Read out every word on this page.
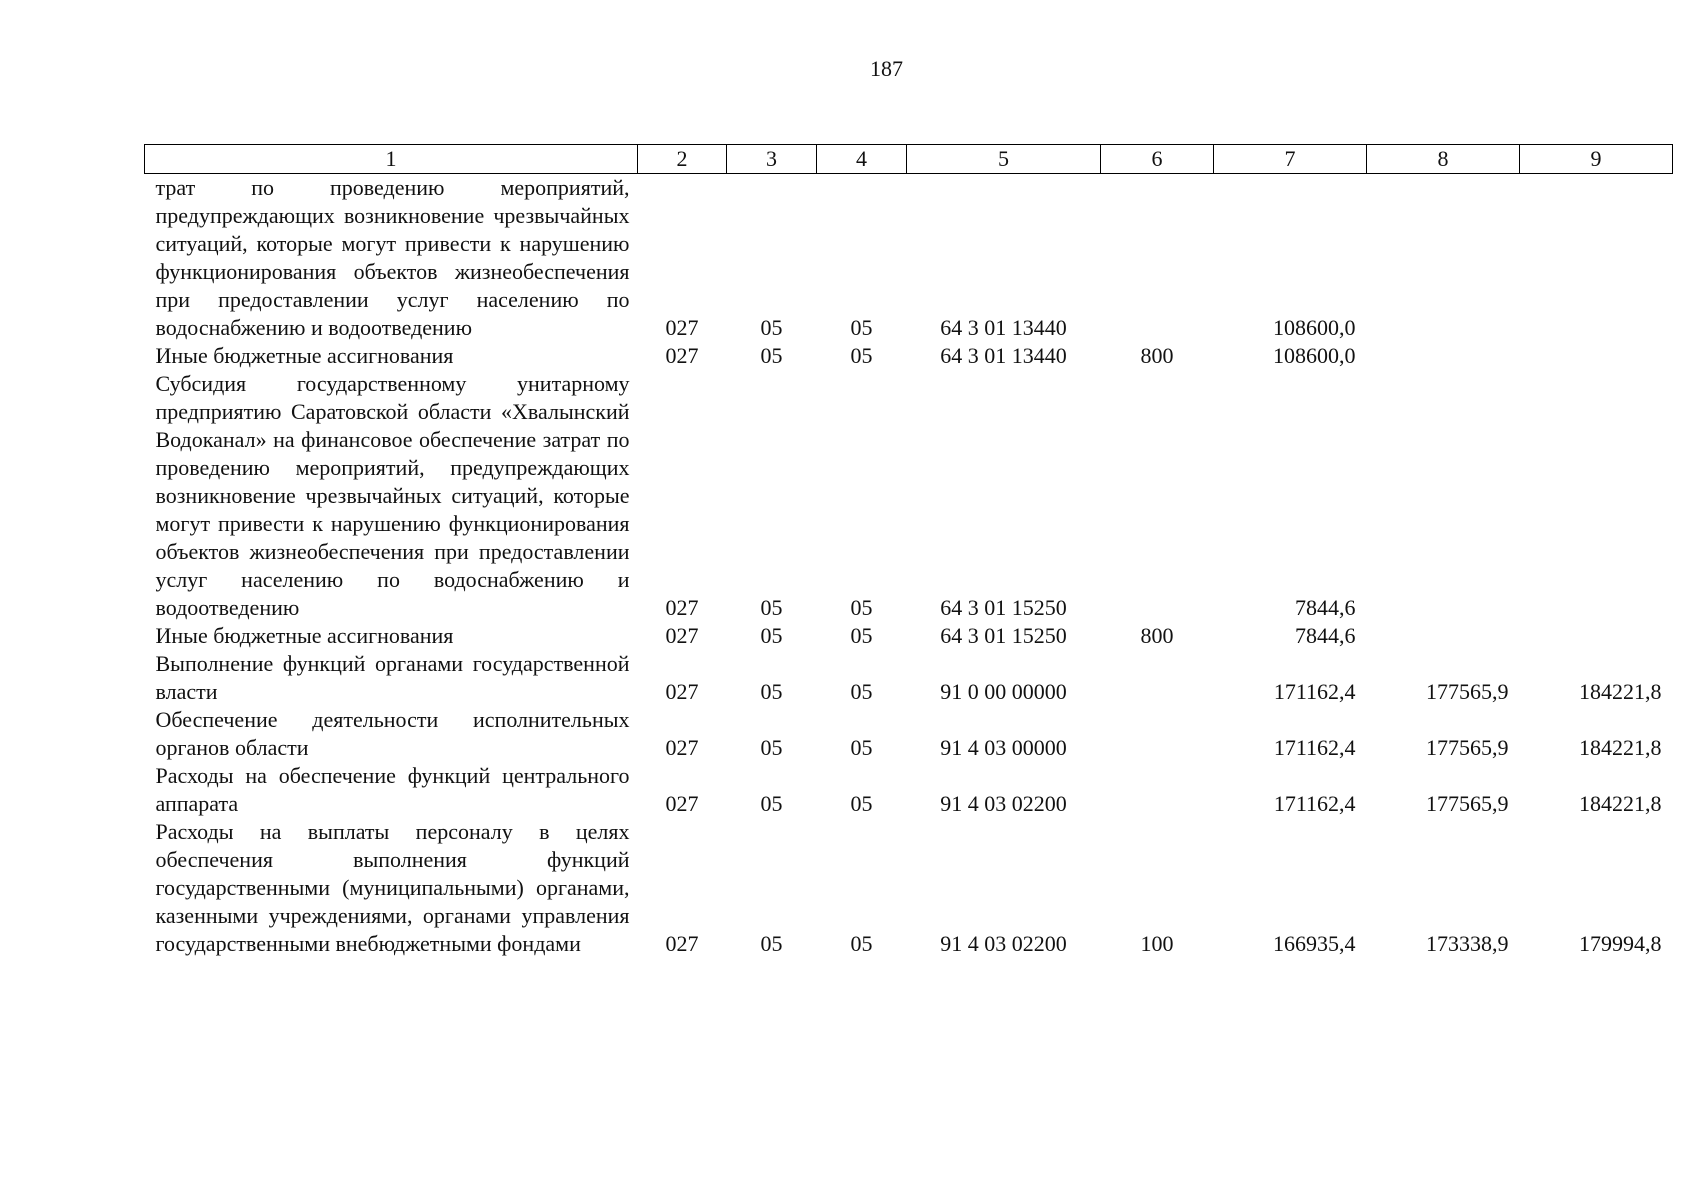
187
1	2	3	4	5	6	7	8	9
трат по проведению мероприятий, предупреждающих возникновение чрезвычайных ситуаций, которые могут привести к нарушению функционирования объектов жизнеобеспечения при предоставлении услуг населению по водоснабжению и водоотведению	027	05	05	64 3 01 13440		108600,0		
Иные бюджетные ассигнования	027	05	05	64 3 01 13440	800	108600,0		
Субсидия государственному унитарному предприятию Саратовской области «Хвалынский Водоканал» на финансовое обеспечение затрат по проведению мероприятий, предупреждающих возникновение чрезвычайных ситуаций, которые могут привести к нарушению функционирования объектов жизнеобеспечения при предоставлении услуг населению по водоснабжению и водоотведению	027	05	05	64 3 01 15250		7844,6		
Иные бюджетные ассигнования	027	05	05	64 3 01 15250	800	7844,6		
Выполнение функций органами государственной власти	027	05	05	91 0 00 00000		171162,4	177565,9	184221,8
Обеспечение деятельности исполнительных органов области	027	05	05	91 4 03 00000		171162,4	177565,9	184221,8
Расходы на обеспечение функций центрального аппарата	027	05	05	91 4 03 02200		171162,4	177565,9	184221,8
Расходы на выплаты персоналу в целях обеспечения выполнения функций государственными (муниципальными) органами, казенными учреждениями, органами управления государственными внебюджетными фондами	027	05	05	91 4 03 02200	100	166935,4	173338,9	179994,8
